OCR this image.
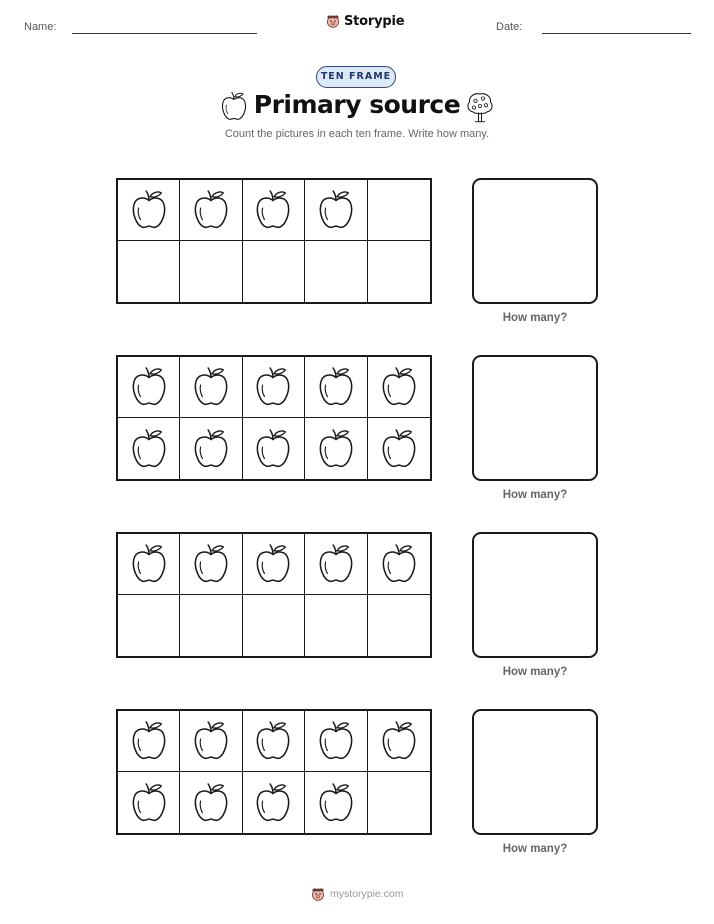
Name:	Storypie	Date:
TEN FRAME
Primary source
Count the pictures in each ten frame. Write how many.
How many?
How many?
How many?
How many?
mystorypie.com
